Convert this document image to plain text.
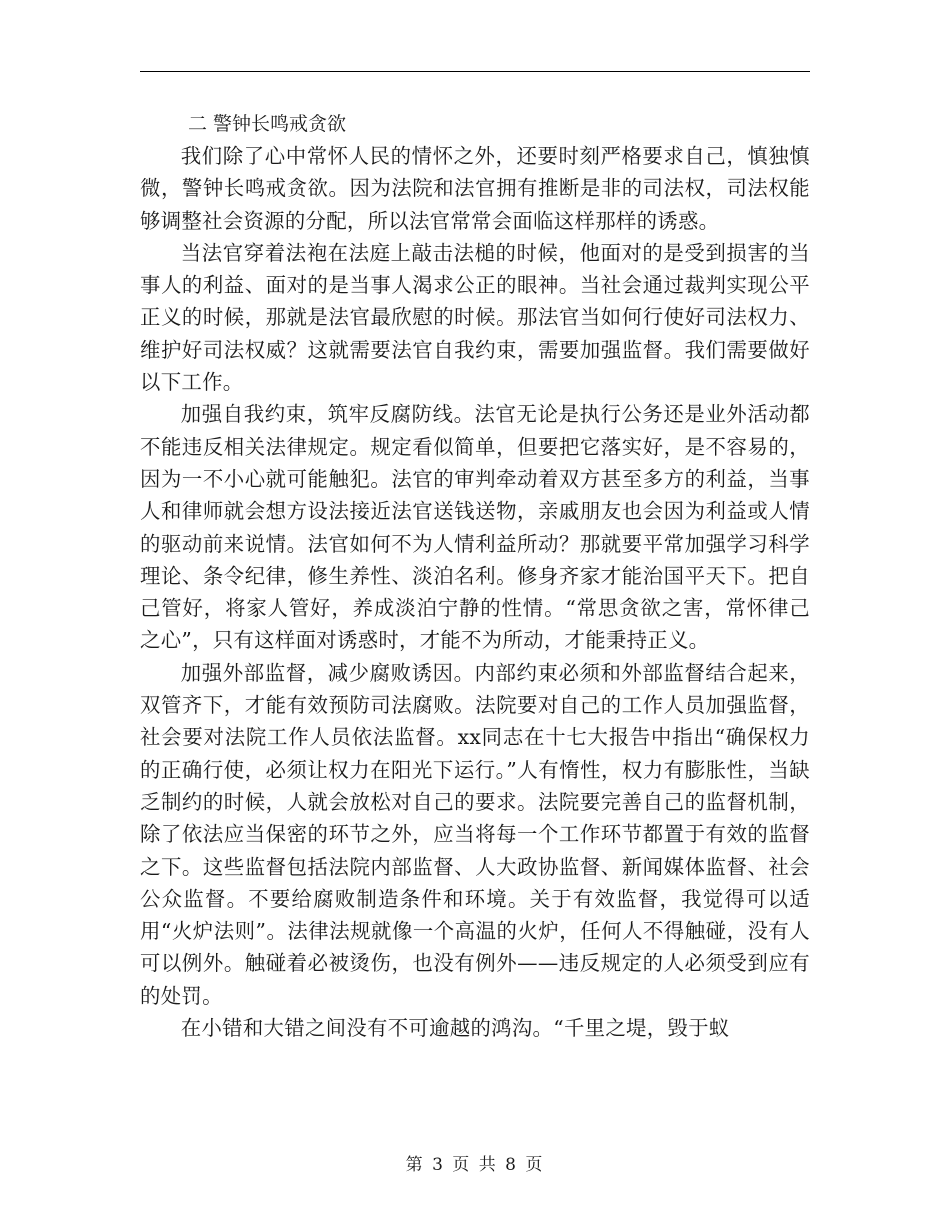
二 警钟长鸣戒贪欲

我们除了心中常怀人民的情怀之外，还要时刻严格要求自己，慎独慎微，警钟长鸣戒贪欲。因为法院和法官拥有推断是非的司法权，司法权能够调整社会资源的分配，所以法官常常会面临这样那样的诱惑。

当法官穿着法袍在法庭上敲击法槌的时候，他面对的是受到损害的当事人的利益、面对的是当事人渴求公正的眼神。当社会通过裁判实现公平正义的时候，那就是法官最欣慰的时候。那法官当如何行使好司法权力、维护好司法权威？这就需要法官自我约束，需要加强监督。我们需要做好以下工作。

加强自我约束，筑牢反腐防线。法官无论是执行公务还是业外活动都不能违反相关法律规定。规定看似简单，但要把它落实好，是不容易的，因为一不小心就可能触犯。法官的审判牵动着双方甚至多方的利益，当事人和律师就会想方设法接近法官送钱送物，亲戚朋友也会因为利益或人情的驱动前来说情。法官如何不为人情利益所动？那就要平常加强学习科学理论、条令纪律，修生养性、淡泊名利。修身齐家才能治国平天下。把自己管好，将家人管好，养成淡泊宁静的性情。“常思贪欲之害，常怀律己之心”，只有这样面对诱惑时，才能不为所动，才能秉持正义。

加强外部监督，减少腐败诱因。内部约束必须和外部监督结合起来，双管齐下，才能有效预防司法腐败。法院要对自己的工作人员加强监督，社会要对法院工作人员依法监督。xx同志在十七大报告中指出“确保权力的正确行使，必须让权力在阳光下运行。”人有惰性，权力有膨胀性，当缺乏制约的时候，人就会放松对自己的要求。法院要完善自己的监督机制，除了依法应当保密的环节之外，应当将每一个工作环节都置于有效的监督之下。这些监督包括法院内部监督、人大政协监督、新闻媒体监督、社会公众监督。不要给腐败制造条件和环境。关于有效监督，我觉得可以适用“火炉法则”。法律法规就像一个高温的火炉，任何人不得触碰，没有人可以例外。触碰着必被烫伤，也没有例外——违反规定的人必须受到应有的处罚。

在小错和大错之间没有不可逾越的鸿沟。“千里之堤，毁于蚁

第 3 页 共 8 页
